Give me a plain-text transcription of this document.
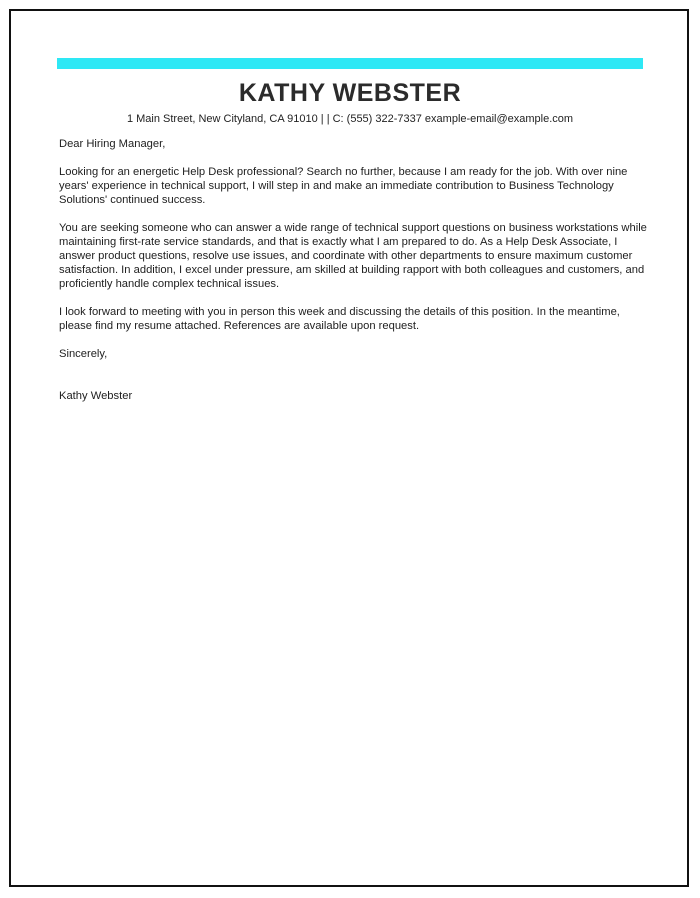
KATHY WEBSTER
1 Main Street, New Cityland, CA 91010 | | C: (555) 322-7337 example-email@example.com

Dear Hiring Manager,

Looking for an energetic Help Desk professional? Search no further, because I am ready for the job. With over nine years' experience in technical support, I will step in and make an immediate contribution to Business Technology Solutions' continued success.

You are seeking someone who can answer a wide range of technical support questions on business workstations while maintaining first-rate service standards, and that is exactly what I am prepared to do. As a Help Desk Associate, I answer product questions, resolve use issues, and coordinate with other departments to ensure maximum customer satisfaction. In addition, I excel under pressure, am skilled at building rapport with both colleagues and customers, and proficiently handle complex technical issues.

I look forward to meeting with you in person this week and discussing the details of this position. In the meantime, please find my resume attached. References are available upon request.

Sincerely,

Kathy Webster
